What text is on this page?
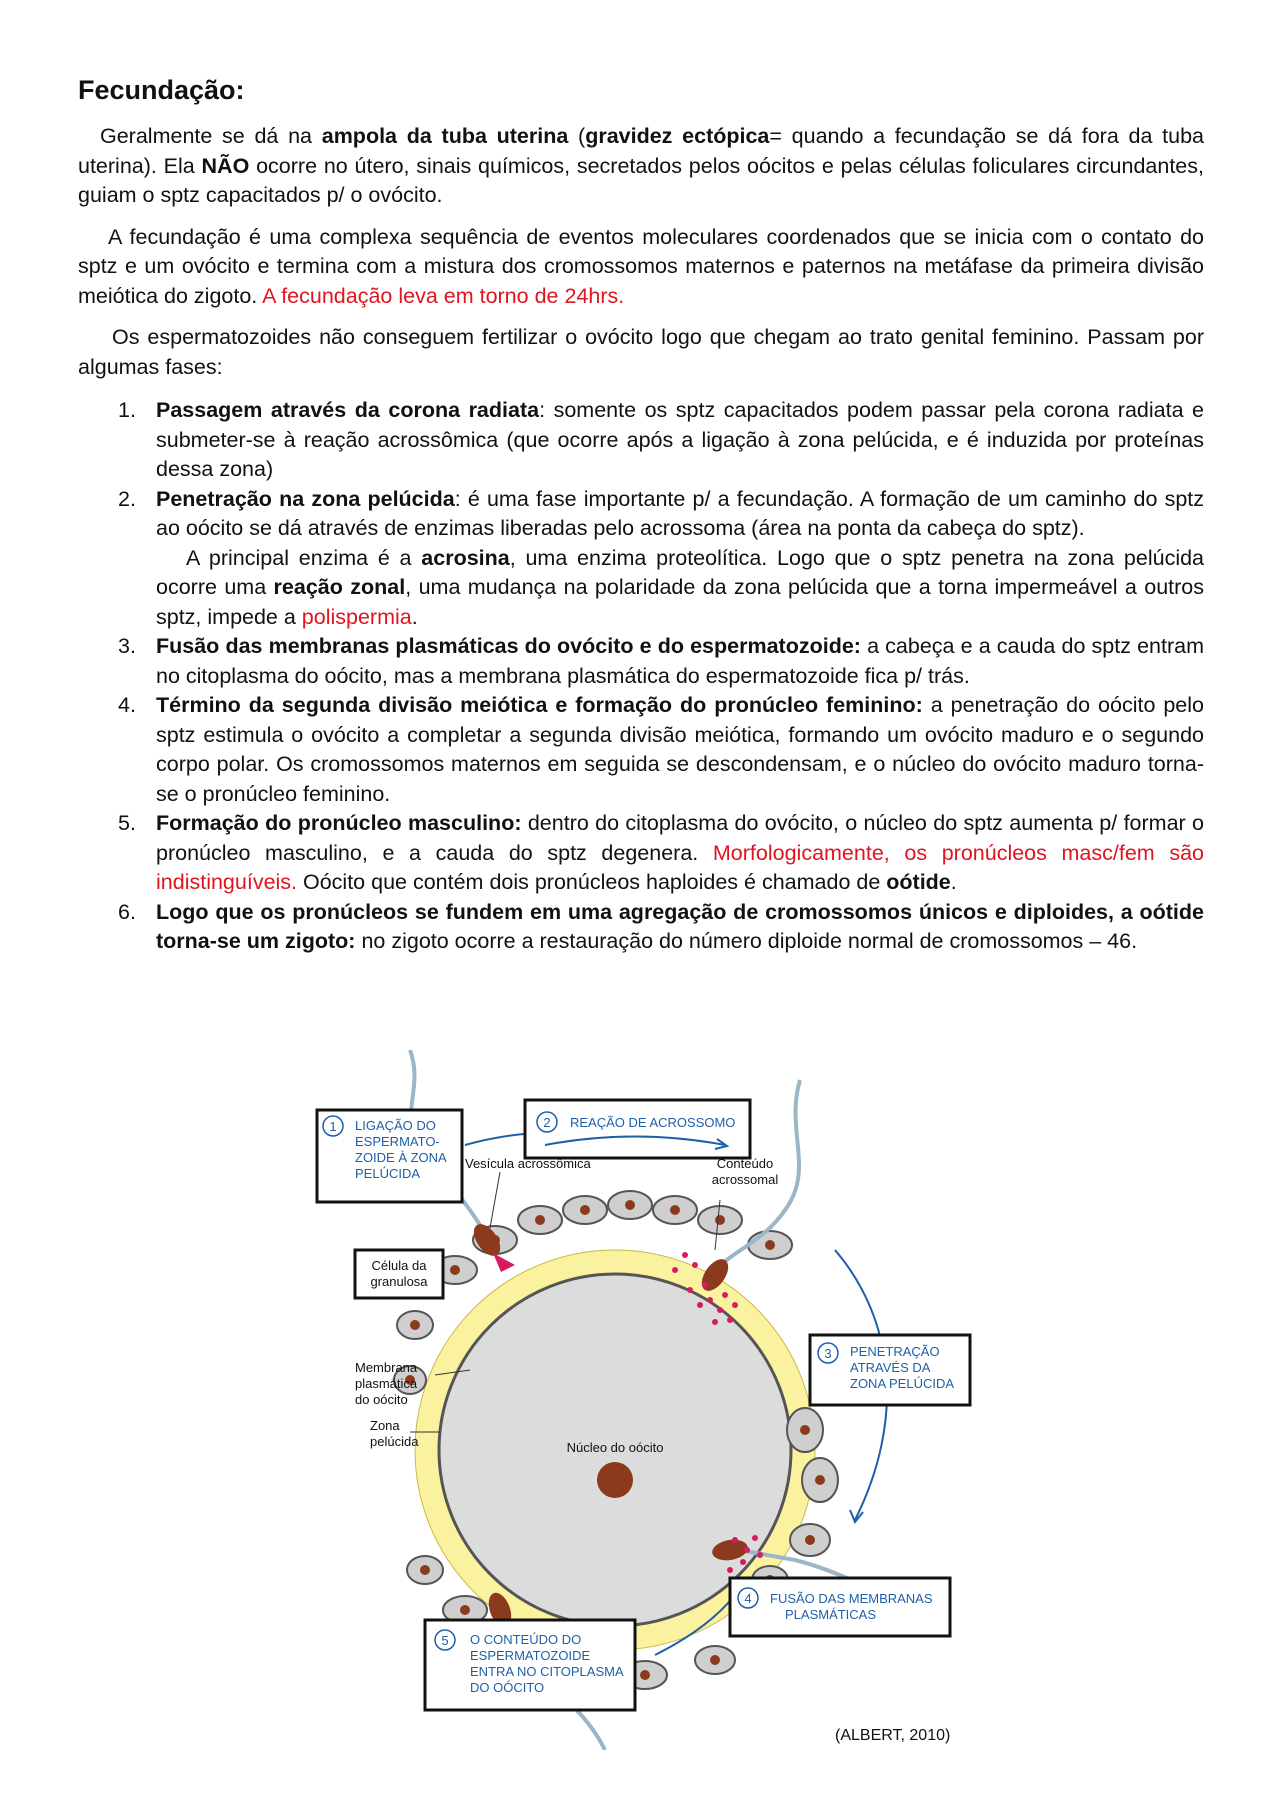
Fecundação:

Geralmente se dá na ampola da tuba uterina (gravidez ectópica= quando a fecundação se dá fora da tuba uterina). Ela NÃO ocorre no útero, sinais químicos, secretados pelos oócitos e pelas células foliculares circundantes, guiam o sptz capacitados p/ o ovócito.

A fecundação é uma complexa sequência de eventos moleculares coordenados que se inicia com o contato do sptz e um ovócito e termina com a mistura dos cromossomos maternos e paternos na metáfase da primeira divisão meiótica do zigoto. A fecundação leva em torno de 24hrs.

Os espermatozoides não conseguem fertilizar o ovócito logo que chegam ao trato genital feminino. Passam por algumas fases:

1. Passagem através da corona radiata: somente os sptz capacitados podem passar pela corona radiata e submeter-se à reação acrossômica (que ocorre após a ligação à zona pelúcida, e é induzida por proteínas dessa zona)
2. Penetração na zona pelúcida: é uma fase importante p/ a fecundação. A formação de um caminho do sptz ao oócito se dá através de enzimas liberadas pelo acrossoma (área na ponta da cabeça do sptz).
A principal enzima é a acrosina, uma enzima proteolítica. Logo que o sptz penetra na zona pelúcida ocorre uma reação zonal, uma mudança na polaridade da zona pelúcida que a torna impermeável a outros sptz, impede a polispermia.
3. Fusão das membranas plasmáticas do ovócito e do espermatozoide: a cabeça e a cauda do sptz entram no citoplasma do oócito, mas a membrana plasmática do espermatozoide fica p/ trás.
4. Término da segunda divisão meiótica e formação do pronúcleo feminino: a penetração do oócito pelo sptz estimula o ovócito a completar a segunda divisão meiótica, formando um ovócito maduro e o segundo corpo polar. Os cromossomos maternos em seguida se descondensam, e o núcleo do ovócito maduro torna-se o pronúcleo feminino.
5. Formação do pronúcleo masculino: dentro do citoplasma do ovócito, o núcleo do sptz aumenta p/ formar o pronúcleo masculino, e a cauda do sptz degenera. Morfologicamente, os pronúcleos masc/fem são indistinguíveis. Oócito que contém dois pronúcleos haploides é chamado de oótide.
6. Logo que os pronúcleos se fundem em uma agregação de cromossomos únicos e diploides, a oótide torna-se um zigoto: no zigoto ocorre a restauração do número diploide normal de cromossomos – 46.
1 LIGAÇÃO DO
ESPERMATO-
ZOIDE À ZONA
PELÚCIDA
2 REAÇÃO DE ACROSSOMO
3 PENETRAÇÃO
ATRAVÉS DA
ZONA PELÚCIDA
4 FUSÃO DAS MEMBRANAS
PLASMÁTICAS
5 O CONTEÚDO DO
ESPERMATOZOIDE
ENTRA NO CITOPLASMA
DO OÓCITO
Vesícula acrossômica	Conteúdo
acrossomal
Célula da
granulosa
Membrana
plasmática
do oócito
Zona
pelúcida	Núcleo do oócito
(ALBERT, 2010)
